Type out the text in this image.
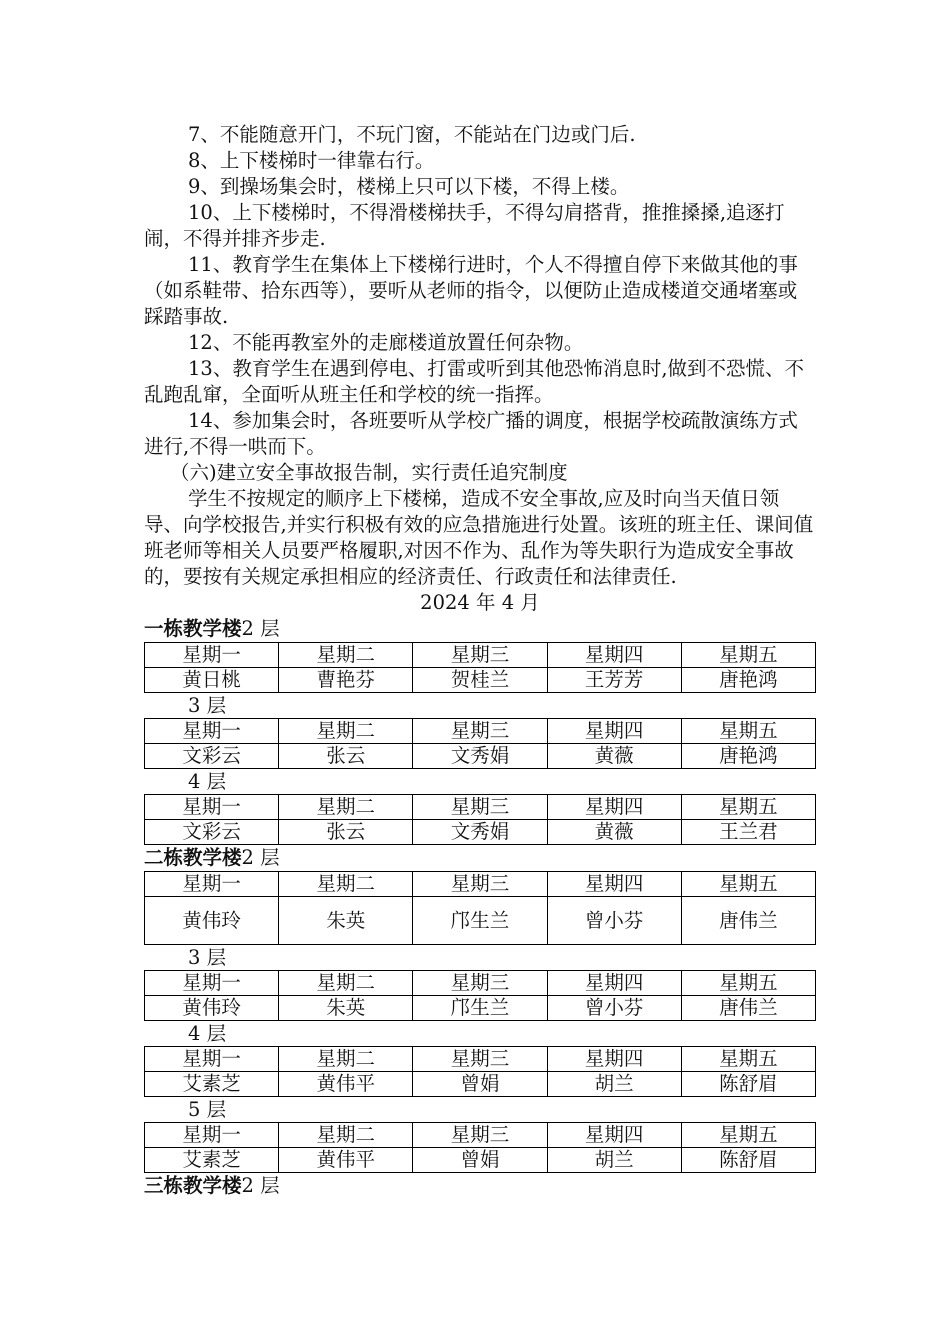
7、不能随意开门，不玩门窗，不能站在门边或门后.

8、上下楼梯时一律靠右行。

9、到操场集会时，楼梯上只可以下楼，不得上楼。

10、上下楼梯时，不得滑楼梯扶手，不得勾肩搭背，推推搡搡,追逐打闹，不得并排齐步走.

11、教育学生在集体上下楼梯行进时，个人不得擅自停下来做其他的事（如系鞋带、拾东西等），要听从老师的指令，以便防止造成楼道交通堵塞或踩踏事故.

12、不能再教室外的走廊楼道放置任何杂物。

13、教育学生在遇到停电、打雷或听到其他恐怖消息时,做到不恐慌、不乱跑乱窜，全面听从班主任和学校的统一指挥。

14、参加集会时，各班要听从学校广播的调度，根据学校疏散演练方式进行,不得一哄而下。

（六)建立安全事故报告制，实行责任追究制度

学生不按规定的顺序上下楼梯，造成不安全事故,应及时向当天值日领导、向学校报告,并实行积极有效的应急措施进行处置。该班的班主任、课间值班老师等相关人员要严格履职,对因不作为、乱作为等失职行为造成安全事故的，要按有关规定承担相应的经济责任、行政责任和法律责任.

2024 年 4 月

一栋教学楼2 层
星期一	星期二	星期三	星期四	星期五
黄日桃	曹艳芬	贺桂兰	王芳芳	唐艳鸿
3 层
星期一	星期二	星期三	星期四	星期五
文彩云	张云	文秀娟	黄薇	唐艳鸿
4 层
星期一	星期二	星期三	星期四	星期五
文彩云	张云	文秀娟	黄薇	王兰君
二栋教学楼2 层
星期一	星期二	星期三	星期四	星期五
黄伟玲	朱英	邝生兰	曾小芬	唐伟兰
3 层
星期一	星期二	星期三	星期四	星期五
黄伟玲	朱英	邝生兰	曾小芬	唐伟兰
4 层
星期一	星期二	星期三	星期四	星期五
艾素芝	黄伟平	曾娟	胡兰	陈舒眉
5 层
星期一	星期二	星期三	星期四	星期五
艾素芝	黄伟平	曾娟	胡兰	陈舒眉
三栋教学楼2 层
